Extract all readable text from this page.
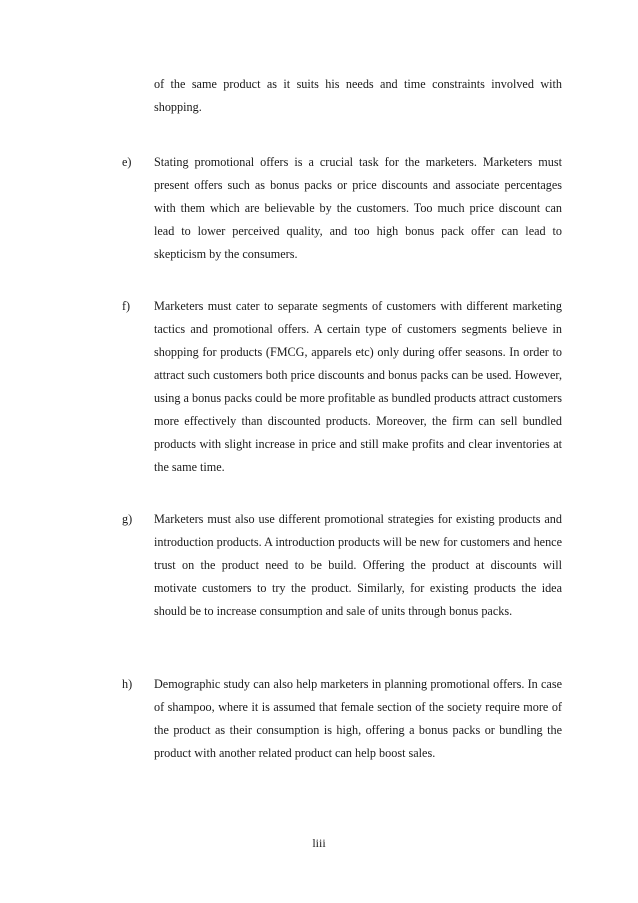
of the same product as it suits his needs and time constraints involved with shopping.

e)	Stating promotional offers is a crucial task for the marketers. Marketers must present offers such as bonus packs or price discounts and associate percentages with them which are believable by the customers. Too much price discount can lead to lower perceived quality, and too high bonus pack offer can lead to skepticism by the consumers.
f)	Marketers must cater to separate segments of customers with different marketing tactics and promotional offers. A certain type of customers segments believe in shopping for products (FMCG, apparels etc) only during offer seasons. In order to attract such customers both price discounts and bonus packs can be used. However, using a bonus packs could be more profitable as bundled products attract customers more effectively than discounted products. Moreover, the firm can sell bundled products with slight increase in price and still make profits and clear inventories at the same time.
g)	Marketers must also use different promotional strategies for existing products and introduction products. A introduction products will be new for customers and hence trust on the product need to be build. Offering the product at discounts will motivate customers to try the product. Similarly, for existing products the idea should be to increase consumption and sale of units through bonus packs.
h)	Demographic study can also help marketers in planning promotional offers. In case of shampoo, where it is assumed that female section of the society require more of the product as their consumption is high, offering a bonus packs or bundling the product with another related product can help boost sales.

liii
